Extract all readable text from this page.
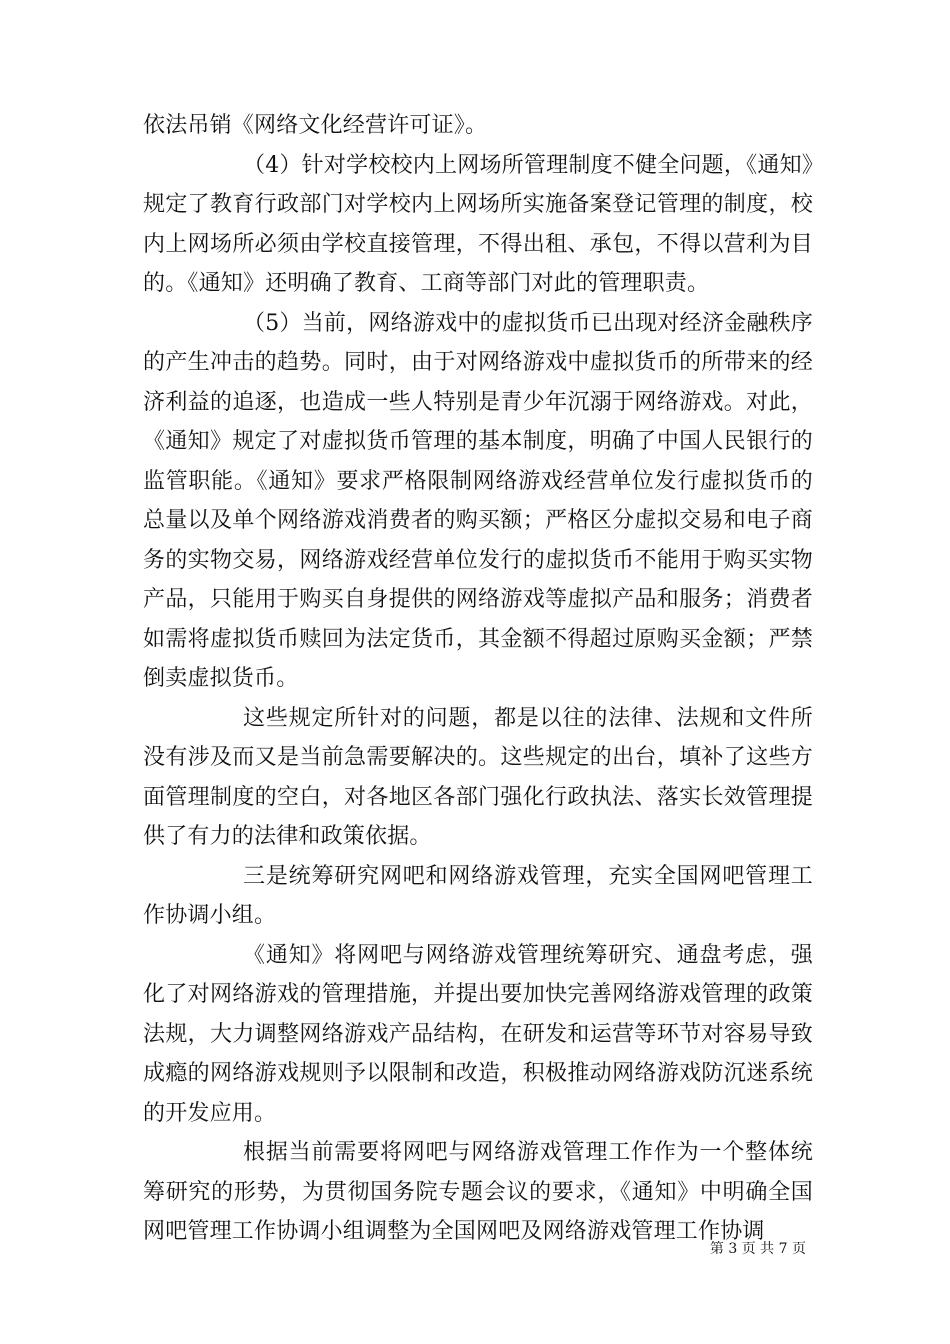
依法吊销《网络文化经营许可证》。

（4）针对学校校内上网场所管理制度不健全问题，《通知》规定了教育行政部门对学校内上网场所实施备案登记管理的制度，校内上网场所必须由学校直接管理，不得出租、承包，不得以营利为目的。《通知》还明确了教育、工商等部门对此的管理职责。

（5）当前，网络游戏中的虚拟货币已出现对经济金融秩序的产生冲击的趋势。同时，由于对网络游戏中虚拟货币的所带来的经济利益的追逐，也造成一些人特别是青少年沉溺于网络游戏。对此，《通知》规定了对虚拟货币管理的基本制度，明确了中国人民银行的监管职能。《通知》要求严格限制网络游戏经营单位发行虚拟货币的总量以及单个网络游戏消费者的购买额；严格区分虚拟交易和电子商务的实物交易，网络游戏经营单位发行的虚拟货币不能用于购买实物产品，只能用于购买自身提供的网络游戏等虚拟产品和服务；消费者如需将虚拟货币赎回为法定货币，其金额不得超过原购买金额；严禁倒卖虚拟货币。

这些规定所针对的问题，都是以往的法律、法规和文件所没有涉及而又是当前急需要解决的。这些规定的出台，填补了这些方面管理制度的空白，对各地区各部门强化行政执法、落实长效管理提供了有力的法律和政策依据。

三是统筹研究网吧和网络游戏管理，充实全国网吧管理工作协调小组。

《通知》将网吧与网络游戏管理统筹研究、通盘考虑，强化了对网络游戏的管理措施，并提出要加快完善网络游戏管理的政策法规，大力调整网络游戏产品结构，在研发和运营等环节对容易导致成瘾的网络游戏规则予以限制和改造，积极推动网络游戏防沉迷系统的开发应用。

根据当前需要将网吧与网络游戏管理工作作为一个整体统筹研究的形势，为贯彻国务院专题会议的要求，《通知》中明确全国网吧管理工作协调小组调整为全国网吧及网络游戏管理工作协调

第 3 页 共 7 页
